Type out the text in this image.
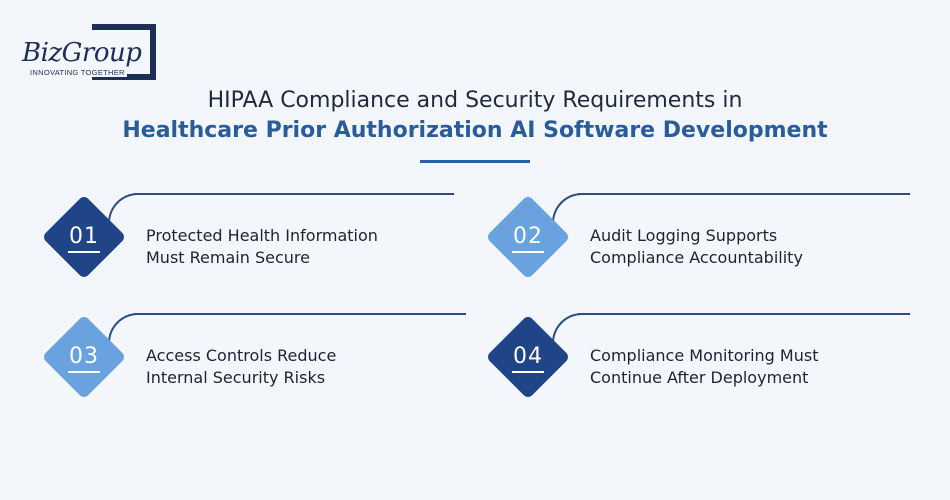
BizGroup
INNOVATING TOGETHER
HIPAA Compliance and Security Requirements in
Healthcare Prior Authorization AI Software Development
01	Protected Health Information
Must Remain Secure
02	Audit Logging Supports
Compliance Accountability
03	Access Controls Reduce
Internal Security Risks
04	Compliance Monitoring Must
Continue After Deployment
